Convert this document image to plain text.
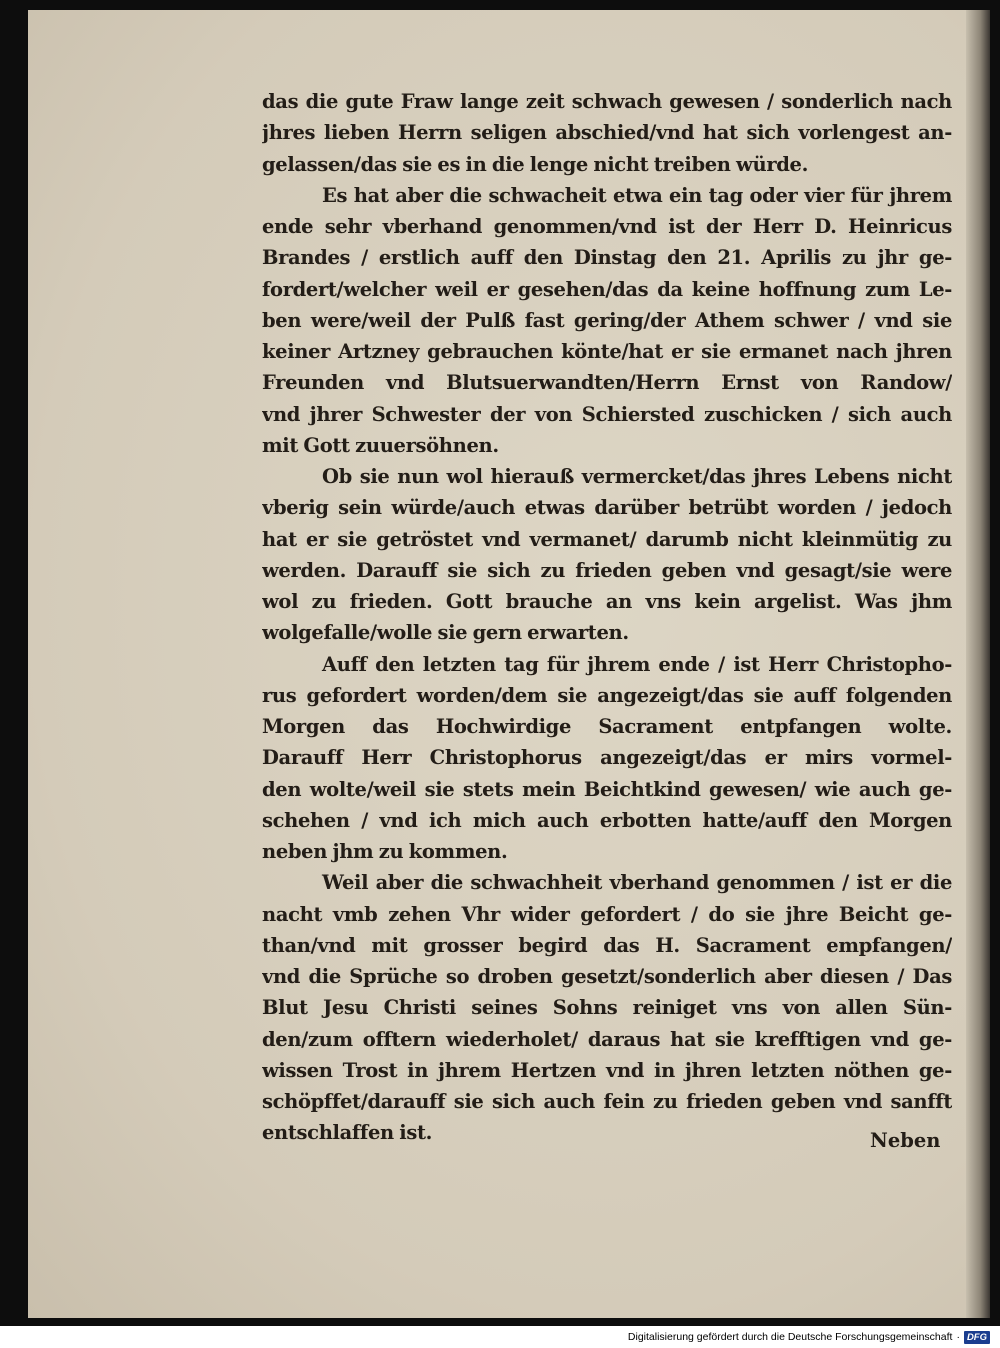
das die gute Fraw lange zeit schwach gewesen / sonderlich nach
jhres lieben Herrn seligen abschied/vnd hat sich vorlengest an-
gelassen/das sie es in die lenge nicht treiben würde.
Es hat aber die schwacheit etwa ein tag oder vier für jhrem
ende sehr vberhand genommen/vnd ist der Herr D. Heinricus
Brandes / erstlich auff den Dinstag den 21. Aprilis zu jhr ge-
fordert/welcher weil er gesehen/das da keine hoffnung zum Le-
ben were/weil der Pulß fast gering/der Athem schwer / vnd sie
keiner Artzney gebrauchen könte/hat er sie ermanet nach jhren
Freunden vnd Blutsuerwandten/Herrn Ernst von Randow/
vnd jhrer Schwester der von Schiersted zuschicken / sich auch
mit Gott zuuersöhnen.
Ob sie nun wol hierauß vermercket/das jhres Lebens nicht
vberig sein würde/auch etwas darüber betrübt worden / jedoch
hat er sie getröstet vnd vermanet/ darumb nicht kleinmütig zu
werden. Darauff sie sich zu frieden geben vnd gesagt/sie were
wol zu frieden. Gott brauche an vns kein argelist. Was jhm
wolgefalle/wolle sie gern erwarten.
Auff den letzten tag für jhrem ende / ist Herr Christopho-
rus gefordert worden/dem sie angezeigt/das sie auff folgenden
Morgen das Hochwirdige Sacrament entpfangen wolte.
Darauff Herr Christophorus angezeigt/das er mirs vormel-
den wolte/weil sie stets mein Beichtkind gewesen/ wie auch ge-
schehen / vnd ich mich auch erbotten hatte/auff den Morgen
neben jhm zu kommen.
Weil aber die schwachheit vberhand genommen / ist er die
nacht vmb zehen Vhr wider gefordert / do sie jhre Beicht ge-
than/vnd mit grosser begird das H. Sacrament empfangen/
vnd die Sprüche so droben gesetzt/sonderlich aber diesen / Das
Blut Jesu Christi seines Sohns reiniget vns von allen Sün-
den/zum offtern wiederholet/ daraus hat sie krefftigen vnd ge-
wissen Trost in jhrem Hertzen vnd in jhren letzten nöthen ge-
schöpffet/darauff sie sich auch fein zu frieden geben vnd sanfft
entschlaffen ist.	Neben
Digitalisierung gefördert durch die Deutsche Forschungsgemeinschaft · DFG
